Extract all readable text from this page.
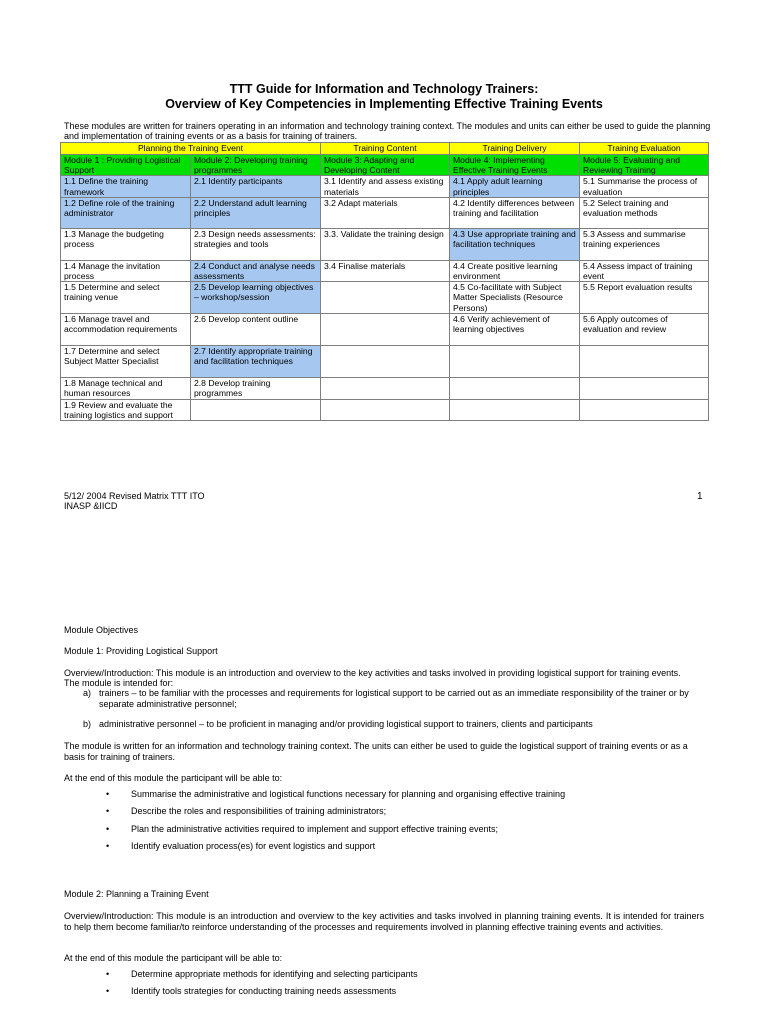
TTT Guide for Information and Technology Trainers:
Overview of Key Competencies in Implementing Effective Training Events
These modules are written for trainers operating in an information and technology training context. The modules and units can either be used to guide the planning and implementation of training events or as a basis for training of trainers.
Planning the Training Event		Training Content	Training Delivery	Training Evaluation
Module 1 : Providing Logistical Support	Module 2: Developing training programmes	Module 3: Adapting and Developing Content	Module 4: Implementing Effective Training Events	Module 5: Evaluating and Reviewing Training
1.1 Define the training framework	2.1 Identify participants	3.1 Identify and assess existing materials	4.1 Apply adult learning principles	5.1 Summarise the process of evaluation
1.2 Define role of the training administrator	2.2 Understand adult learning principles	3.2 Adapt materials	4.2 Identify differences between training and facilitation	5.2 Select training and evaluation methods
1.3 Manage the budgeting process	2.3 Design needs assessments: strategies and tools	3.3. Validate the training design	4.3 Use appropriate training and facilitation techniques	5.3 Assess and summarise training experiences
1.4 Manage the invitation process	2.4 Conduct and analyse needs assessments	3.4 Finalise materials	4.4 Create positive learning environment	5.4 Assess impact of training event
1.5 Determine and select training venue	2.5 Develop learning objectives – workshop/session		4.5 Co-facilitate with Subject Matter Specialists (Resource Persons)	5.5 Report evaluation results
1.6 Manage travel and accommodation requirements	2.6 Develop content outline		4.6 Verify achievement of learning objectives	5.6 Apply outcomes of evaluation and review
1.7 Determine and select Subject Matter Specialist	2.7 Identify appropriate training and facilitation techniques			
1.8 Manage technical and human resources	2.8 Develop training programmes			
1.9 Review and evaluate the training logistics and support				
5/12/ 2004 Revised Matrix TTT ITO
INASP &IICD
1
Module Objectives
Module 1: Providing Logistical Support
Overview/Introduction: This module is an introduction and overview to the key activities and tasks involved in providing logistical support for training events.
The module is intended for:
a) trainers – to be familiar with the processes and requirements for logistical support to be carried out as an immediate responsibility of the trainer or by separate administrative personnel;
b) administrative personnel – to be proficient in managing and/or providing logistical support to trainers, clients and participants
The module is written for an information and technology training context. The units can either be used to guide the logistical support of training events or as a basis for training of trainers.
At the end of this module the participant will be able to:
• Summarise the administrative and logistical functions necessary for planning and organising effective training
• Describe the roles and responsibilities of training administrators;
• Plan the administrative activities required to implement and support effective training events;
• Identify evaluation process(es) for event logistics and support
Module 2: Planning a Training Event
Overview/Introduction: This module is an introduction and overview to the key activities and tasks involved in planning training events. It is intended for trainers to help them become familiar/to reinforce understanding of the processes and requirements involved in planning effective training events and activities.
At the end of this module the participant will be able to:
• Determine appropriate methods for identifying and selecting participants
• Identify tools strategies for conducting training needs assessments
